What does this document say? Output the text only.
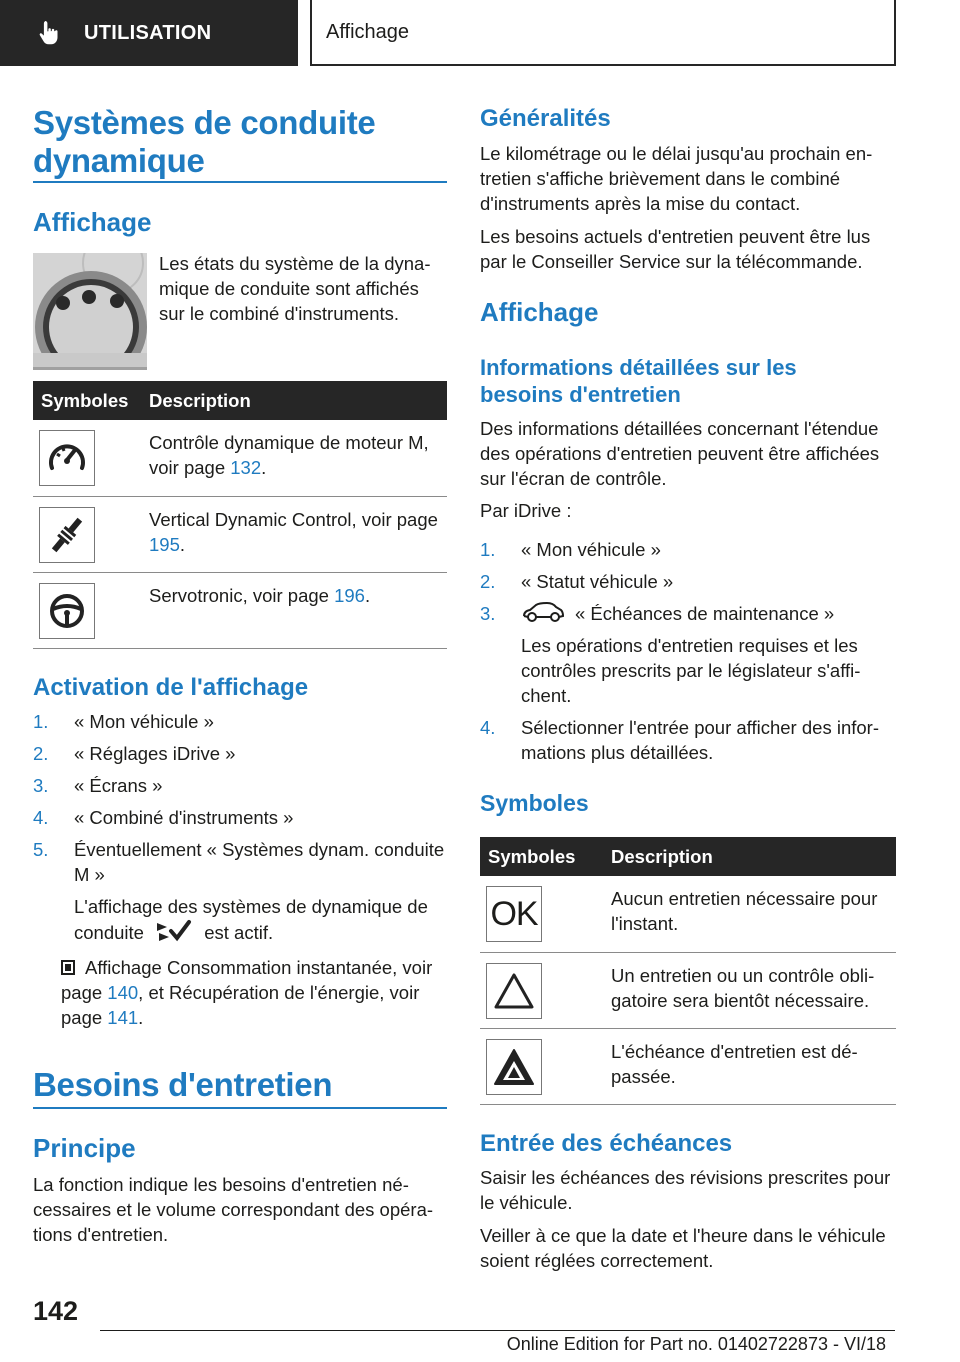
UTILISATION	Affichage
Systèmes de conduite dynamique
Affichage

Les états du système de la dynamique de conduite sont affichés sur le combiné d'instruments.

Symboles	Description

	Contrôle dynamique de moteur M, voir page 132.

	Vertical Dynamic Control, voir page 195.

	Servotronic, voir page 196.
Activation de l'affichage
1. « Mon véhicule »
2. « Réglages iDrive »
3. « Écrans »
4. « Combiné d'instruments »
5. Éventuellement « Systèmes dynam. conduite M »
L'affichage des systèmes de dynamique de conduite	est actif.
Affichage Consommation instantanée, voir page 140, et Récupération de l'énergie, voir page 141.
Besoins d'entretien
Principe

La fonction indique les besoins d'entretien nécessaires et le volume correspondant des opérations d'entretien.

Généralités

Le kilométrage ou le délai jusqu'au prochain entretien s'affiche brièvement dans le combiné d'instruments après la mise du contact.

Les besoins actuels d'entretien peuvent être lus par le Conseiller Service sur la télécommande.

Affichage
Informations détaillées sur les besoins d'entretien

Des informations détaillées concernant l'étendue des opérations d'entretien peuvent être affichées sur l'écran de contrôle.

Par iDrive :

1. « Mon véhicule »
2. « Statut véhicule »
3.	« Échéances de maintenance »
Les opérations d'entretien requises et les contrôles prescrits par le législateur s'affichent.
4. Sélectionner l'entrée pour afficher des informations plus détaillées.
Symboles
Symboles	Description

OK	Aucun entretien nécessaire pour l'instant.

	Un entretien ou un contrôle obligatoire sera bientôt nécessaire.

	L'échéance d'entretien est dépassée.
Entrée des échéances

Saisir les échéances des révisions prescrites pour le véhicule.

Veiller à ce que la date et l'heure dans le véhicule soient réglées correctement.

142
Online Edition for Part no. 01402722873 - VI/18
